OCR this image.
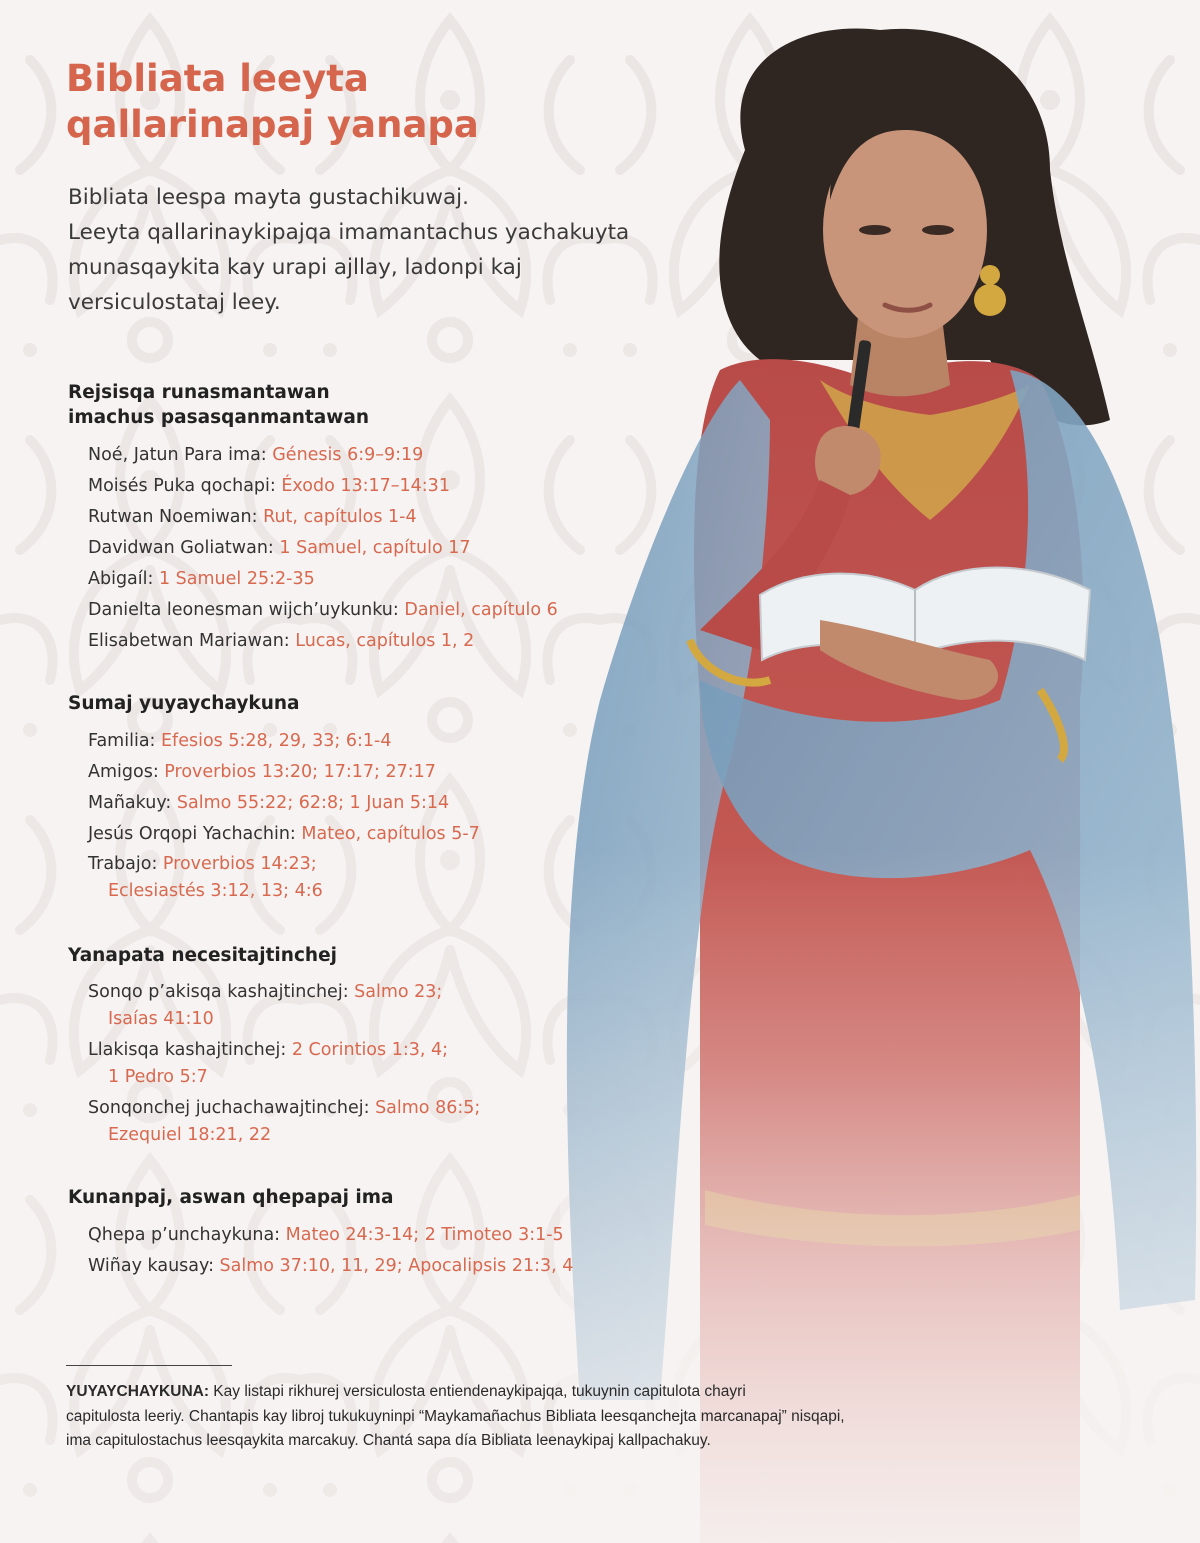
Bibliata leeyta
qallarinapaj yanapa

Bibliata leespa mayta gustachikuwaj.
Leeyta qallarinaykipajqa imamantachus yachakuyta
munasqaykita kay urapi ajllay, ladonpi kaj
versiculostataj leey.

Rejsisqa runasmantawan
imachus pasasqanmantawan
Noé, Jatun Para ima: Génesis 6:9–9:19
Moisés Puka qochapi: Éxodo 13:17–14:31
Rutwan Noemiwan: Rut, capítulos 1-4
Davidwan Goliatwan: 1 Samuel, capítulo 17
Abigaíl: 1 Samuel 25:2-35
Danielta leonesman wijch’uykunku: Daniel, capítulo 6
Elisabetwan Mariawan: Lucas, capítulos 1, 2
Sumaj yuyaychaykuna
Familia: Efesios 5:28, 29, 33; 6:1-4
Amigos: Proverbios 13:20; 17:17; 27:17
Mañakuy: Salmo 55:22; 62:8; 1 Juan 5:14
Jesús Orqopi Yachachin: Mateo, capítulos 5-7
Trabajo: Proverbios 14:23;
Eclesiastés 3:12, 13; 4:6
Yanapata necesitajtinchej
Sonqo p’akisqa kashajtinchej: Salmo 23;
Isaías 41:10
Llakisqa kashajtinchej: 2 Corintios 1:3, 4;
1 Pedro 5:7
Sonqonchej juchachawajtinchej: Salmo 86:5;
Ezequiel 18:21, 22
Kunanpaj, aswan qhepapaj ima
Qhepa p’unchaykuna: Mateo 24:3-14; 2 Timoteo 3:1-5
Wiñay kausay: Salmo 37:10, 11, 29; Apocalipsis 21:3, 4

YUYAYCHAYKUNA: Kay listapi rikhurej versiculosta entiendenaykipajqa, tukuynin capitulota chayri
capitulosta leeriy. Chantapis kay libroj tukukuyninpi “Maykamañachus Bibliata leesqanchejta marcanapaj” nisqapi,
ima capitulostachus leesqaykita marcakuy. Chantá sapa día Bibliata leenaykipaj kallpachakuy.
